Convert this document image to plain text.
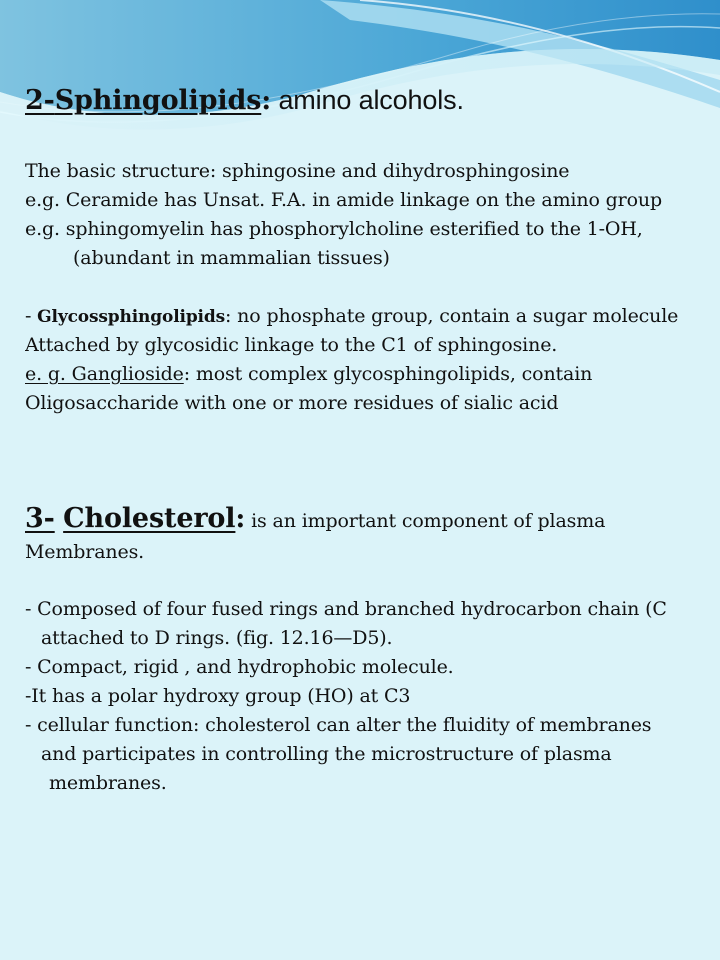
2-Sphingolipids: amino alcohols.
The basic structure: sphingosine and dihydrosphingosine
e.g. Ceramide has Unsat. F.A. in amide linkage on the amino group
e.g. sphingomyelin has phosphorylcholine esterified to the 1-OH,
(abundant in mammalian tissues)
- Glycossphingolipids: no phosphate group, contain a sugar molecule
Attached by glycosidic linkage to the C1 of sphingosine.
e. g. Ganglioside: most complex glycosphingolipids, contain
Oligosaccharide with one or more residues of sialic acid
3- Cholesterol: is an important component of plasma
Membranes.
- Composed of four fused rings and branched hydrocarbon chain (C
attached to D rings. (fig. 12.16—D5).
- Compact, rigid , and hydrophobic molecule.
-It has a polar hydroxy group (HO) at C3
- cellular function: cholesterol can alter the fluidity of membranes
and participates in controlling the microstructure of plasma
membranes.
